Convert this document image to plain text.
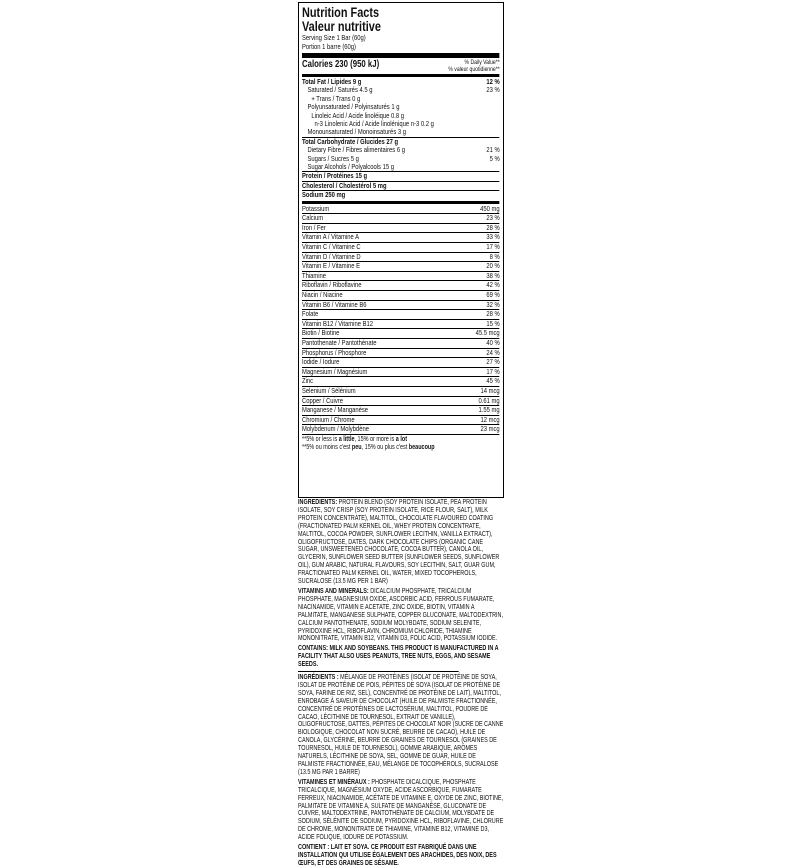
Nutrition Facts
Valeur nutritive
Serving Size 1 Bar (60g)
Portion 1 barre (60g)
Calories 230 (950 kJ)	% Daily Value**
% valeur quotidienne**
Total Fat / Lipides 9 g	12 %
Saturated / Saturés 4.5 g	23 %
+ Trans / Trans 0 g
Polyunsaturated / Polyinsaturés 1 g
Linoleic Acid / Acide linoléique 0.8 g
n-3 Linolenic Acid / Acide linolénique n-3 0.2 g
Monounsaturated / Monoinsaturés 3 g
Total Carbohydrate / Glucides 27 g
Dietary Fibre / Fibres alimentaires 6 g	21 %
Sugars / Sucres 5 g	5 %
Sugar Alcohols / Polyalcools 15 g
Protein / Protéines 15 g
Cholesterol / Cholestérol 5 mg
Sodium 250 mg
Potassium	450 mg
Calcium	23 %
Iron / Fer	28 %
Vitamin A / Vitamine A	33 %
Vitamin C / Vitamine C	17 %
Vitamin D / Vitamine D	8 %
Vitamin E / Vitamine E	20 %
Thiamine	38 %
Riboflavin / Riboflavine	42 %
Niacin / Niacine	69 %
Vitamin B6 / Vitamine B6	32 %
Folate	28 %
Vitamin B12 / Vitamine B12	15 %
Biotin / Biotine	45.5 mcg
Pantothenate / Pantothénate	40 %
Phosphorus / Phosphore	24 %
Iodide / Iodure	27 %
Magnesium / Magnésium	17 %
Zinc	45 %
Selenium / Sélénium	14 mcg
Copper / Cuivre	0.61 mg
Manganese / Manganèse	1.55 mg
Chromium / Chrome	12 mcg
Molybdenum / Molybdène	23 mcg
**5% or less is a little, 15% or more is a lot
**5% ou moins c'est peu, 15% ou plus c'est beaucoup

INGREDIENTS: PROTEIN BLEND (SOY PROTEIN ISOLATE, PEA PROTEIN ISOLATE, SOY CRISP (SOY PROTEIN ISOLATE, RICE FLOUR, SALT), MILK PROTEIN CONCENTRATE), MALTITOL, CHOCOLATE FLAVOURED COATING (FRACTIONATED PALM KERNEL OIL, WHEY PROTEIN CONCENTRATE, MALTITOL, COCOA POWDER, SUNFLOWER LECITHIN, VANILLA EXTRACT), OLIGOFRUCTOSE, DATES, DARK CHOCOLATE CHIPS (ORGANIC CANE SUGAR, UNSWEETENED CHOCOLATE, COCOA BUTTER), CANOLA OIL, GLYCERIN, SUNFLOWER SEED BUTTER (SUNFLOWER SEEDS, SUNFLOWER OIL), GUM ARABIC, NATURAL FLAVOURS, SOY LECITHIN, SALT, GUAR GUM, FRACTIONATED PALM KERNEL OIL, WATER, MIXED TOCOPHEROLS, SUCRALOSE (13.5 MG PER 1 BAR)

VITAMINS AND MINERALS: DICALCIUM PHOSPHATE, TRICALCIUM PHOSPHATE, MAGNESIUM OXIDE, ASCORBIC ACID, FERROUS FUMARATE, NIACINAMIDE, VITAMIN E ACETATE, ZINC OXIDE, BIOTIN, VITAMIN A PALMITATE, MANGANESE SULPHATE, COPPER GLUCONATE, MALTODEXTRIN, CALCIUM PANTOTHENATE, SODIUM MOLYBDATE, SODIUM SELENITE, PYRIDOXINE HCL, RIBOFLAVIN, CHROMIUM CHLORIDE, THIAMINE MONONITRATE, VITAMIN B12, VITAMIN D3, FOLIC ACID, POTASSIUM IODIDE.

CONTAINS: MILK AND SOYBEANS. THIS PRODUCT IS MANUFACTURED IN A FACILITY THAT ALSO USES PEANUTS, TREE NUTS, EGGS, AND SESAME SEEDS.

INGRÉDIENTS : MÉLANGE DE PROTÉINES (ISOLAT DE PROTÉINE DE SOYA, ISOLAT DE PROTÉINE DE POIS, PÉPITES DE SOYA (ISOLAT DE PROTÉINE DE SOYA, FARINE DE RIZ, SEL), CONCENTRÉ DE PROTÉINE DE LAIT), MALTITOL, ENROBAGE À SAVEUR DE CHOCOLAT (HUILE DE PALMISTE FRACTIONNÉE, CONCENTRÉ DE PROTÉINES DE LACTOSÉRUM, MALTITOL, POUDRE DE CACAO, LÉCITHINE DE TOURNESOL, EXTRAIT DE VANILLE), OLIGOFRUCTOSE, DATTES, PÉPITES DE CHOCOLAT NOIR (SUCRE DE CANNE BIOLOGIQUE, CHOCOLAT NON SUCRÉ, BEURRE DE CACAO), HUILE DE CANOLA, GLYCÉRINE, BEURRE DE GRAINES DE TOURNESOL (GRAINES DE TOURNESOL, HUILE DE TOURNESOL), GOMME ARABIQUE, ARÔMES NATURELS, LÉCITHINE DE SOYA, SEL, GOMME DE GUAR, HUILE DE PALMISTE FRACTIONNÉE, EAU, MÉLANGE DE TOCOPHÉROLS, SUCRALOSE (13.5 MG PAR 1 BARRE)

VITAMINES ET MINÉRAUX : PHOSPHATE DICALCIQUE, PHOSPHATE TRICALCIQUE, MAGNÉSIUM OXYDE, ACIDE ASCORBIQUE, FUMARATE FERREUX, NIACINAMIDE, ACÉTATE DE VITAMINE E, OXYDE DE ZINC, BIOTINE, PALMITATE DE VITAMINE A, SULFATE DE MANGANÈSE, GLUCONATE DE CUIVRE, MALTODEXTRINE, PANTOTHÉNATE DE CALCIUM, MOLYBDATE DE SODIUM, SÉLÉNITE DE SODIUM, PYRIDOXINE HCL, RIBOFLAVINE, CHLORURE DE CHROME, MONONITRATE DE THIAMINE, VITAMINE B12, VITAMINE D3, ACIDE FOLIQUE, IODURE DE POTASSIUM.

CONTIENT : LAIT ET SOYA. CE PRODUIT EST FABRIQUÉ DANS UNE INSTALLATION QUI UTILISE ÉGALEMENT DES ARACHIDES, DES NOIX, DES ŒUFS, ET DES GRAINES DE SÉSAME.
